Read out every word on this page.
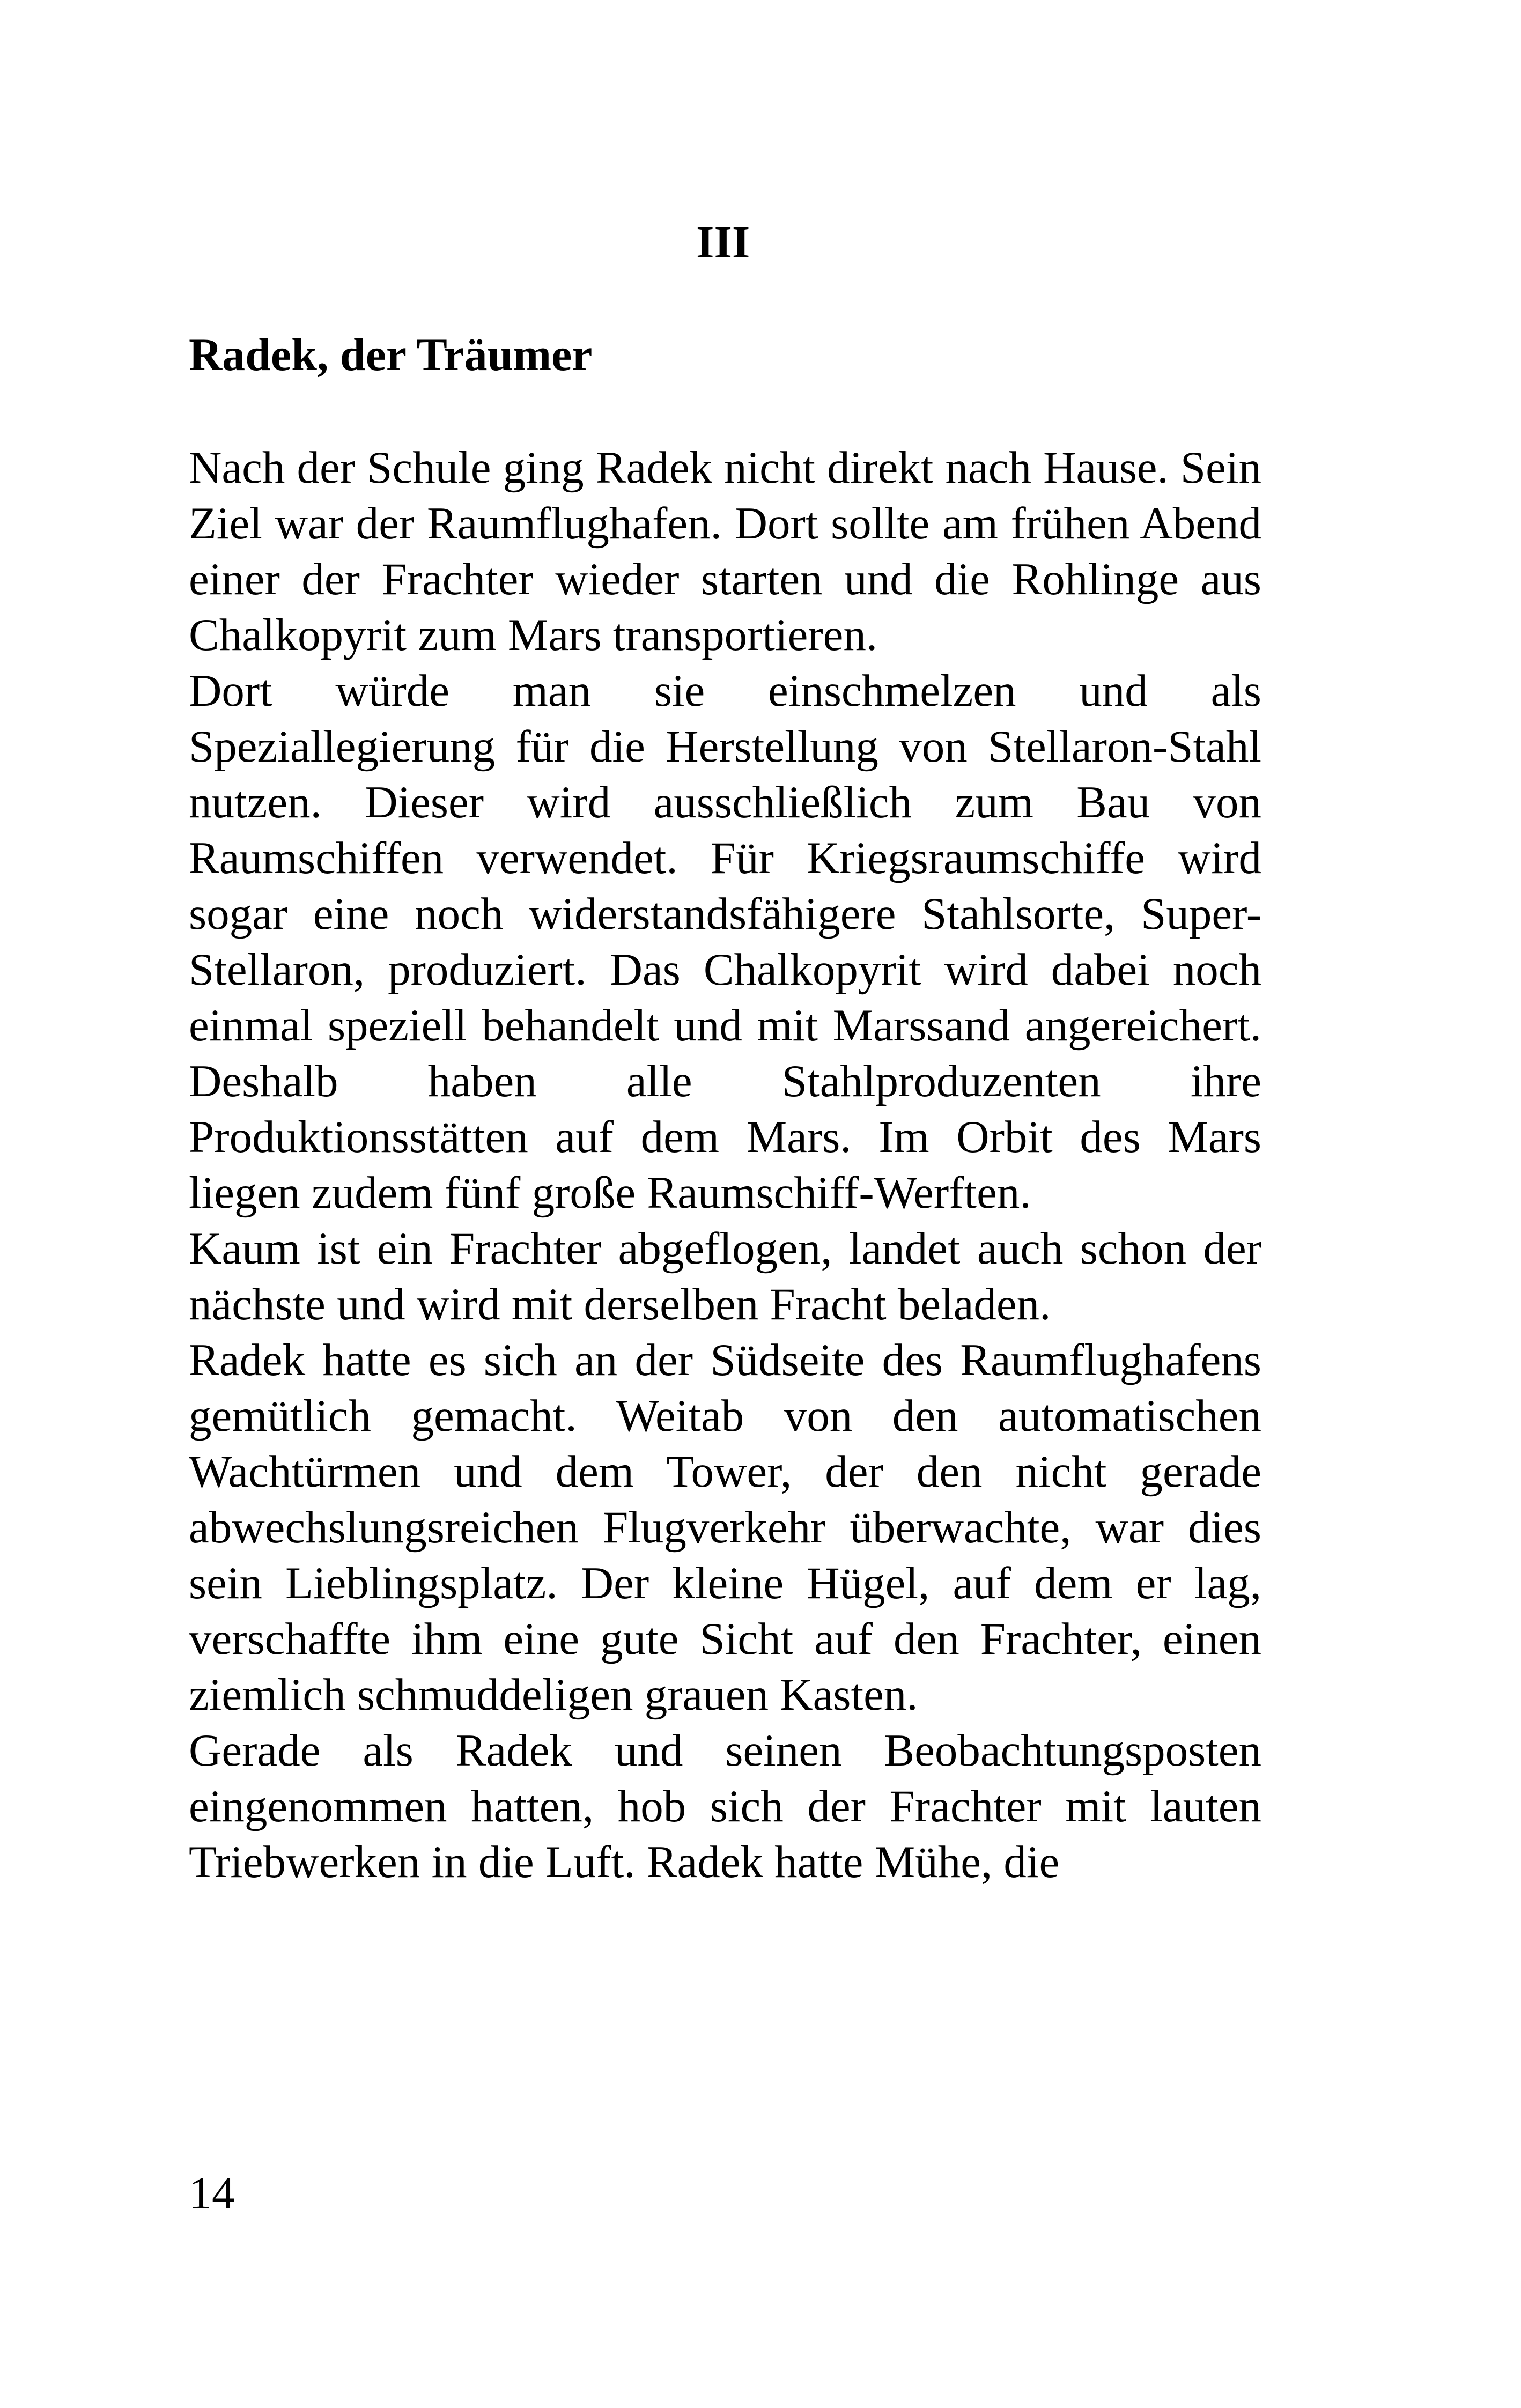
III
Radek, der Träumer

Nach der Schule ging Radek nicht direkt nach Hause. Sein Ziel war der Raumflughafen. Dort sollte am frühen Abend einer der Frachter wieder starten und die Rohlinge aus Chalkopyrit zum Mars transportieren.

Dort würde man sie einschmelzen und als Speziallegierung für die Herstellung von Stellaron-Stahl nutzen. Dieser wird ausschließlich zum Bau von Raumschiffen verwendet. Für Kriegsraumschiffe wird sogar eine noch widerstandsfähigere Stahlsorte, Super-Stellaron, produziert. Das Chalkopyrit wird dabei noch einmal speziell behandelt und mit Marssand angereichert. Deshalb haben alle Stahlproduzenten ihre Produktionsstätten auf dem Mars. Im Orbit des Mars liegen zudem fünf große Raumschiff-Werften.

Kaum ist ein Frachter abgeflogen, landet auch schon der nächste und wird mit derselben Fracht beladen.

Radek hatte es sich an der Südseite des Raumflughafens gemütlich gemacht. Weitab von den automatischen Wachtürmen und dem Tower, der den nicht gerade abwechslungsreichen Flugverkehr überwachte, war dies sein Lieblingsplatz. Der kleine Hügel, auf dem er lag, verschaffte ihm eine gute Sicht auf den Frachter, einen ziemlich schmuddeligen grauen Kasten.

Gerade als Radek und seinen Beobachtungsposten eingenommen hatten, hob sich der Frachter mit lauten Triebwerken in die Luft. Radek hatte Mühe, die

14
